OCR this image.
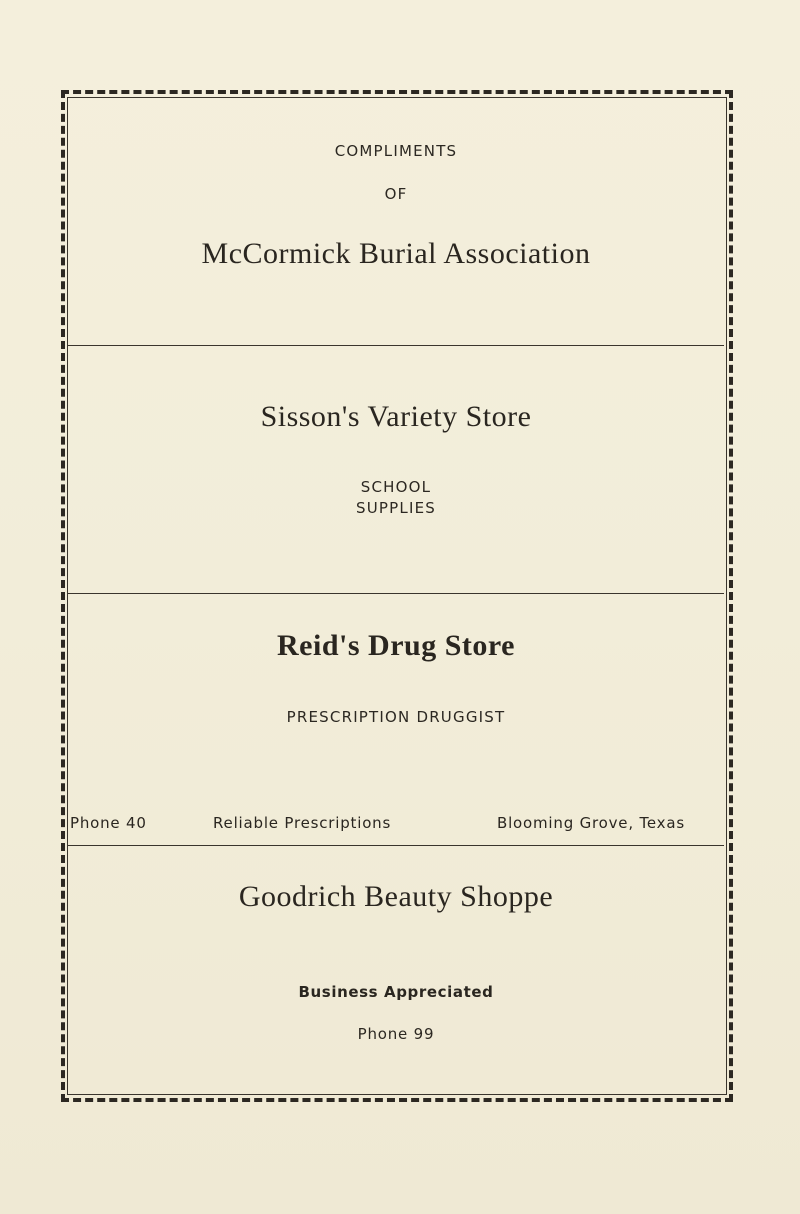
COMPLIMENTS
OF
McCormick Burial Association
Sisson's Variety Store
SCHOOL
SUPPLIES
Reid's Drug Store
PRESCRIPTION DRUGGIST
Phone 40	Reliable Prescriptions	Blooming Grove, Texas
Goodrich Beauty Shoppe
Business Appreciated
Phone 99
